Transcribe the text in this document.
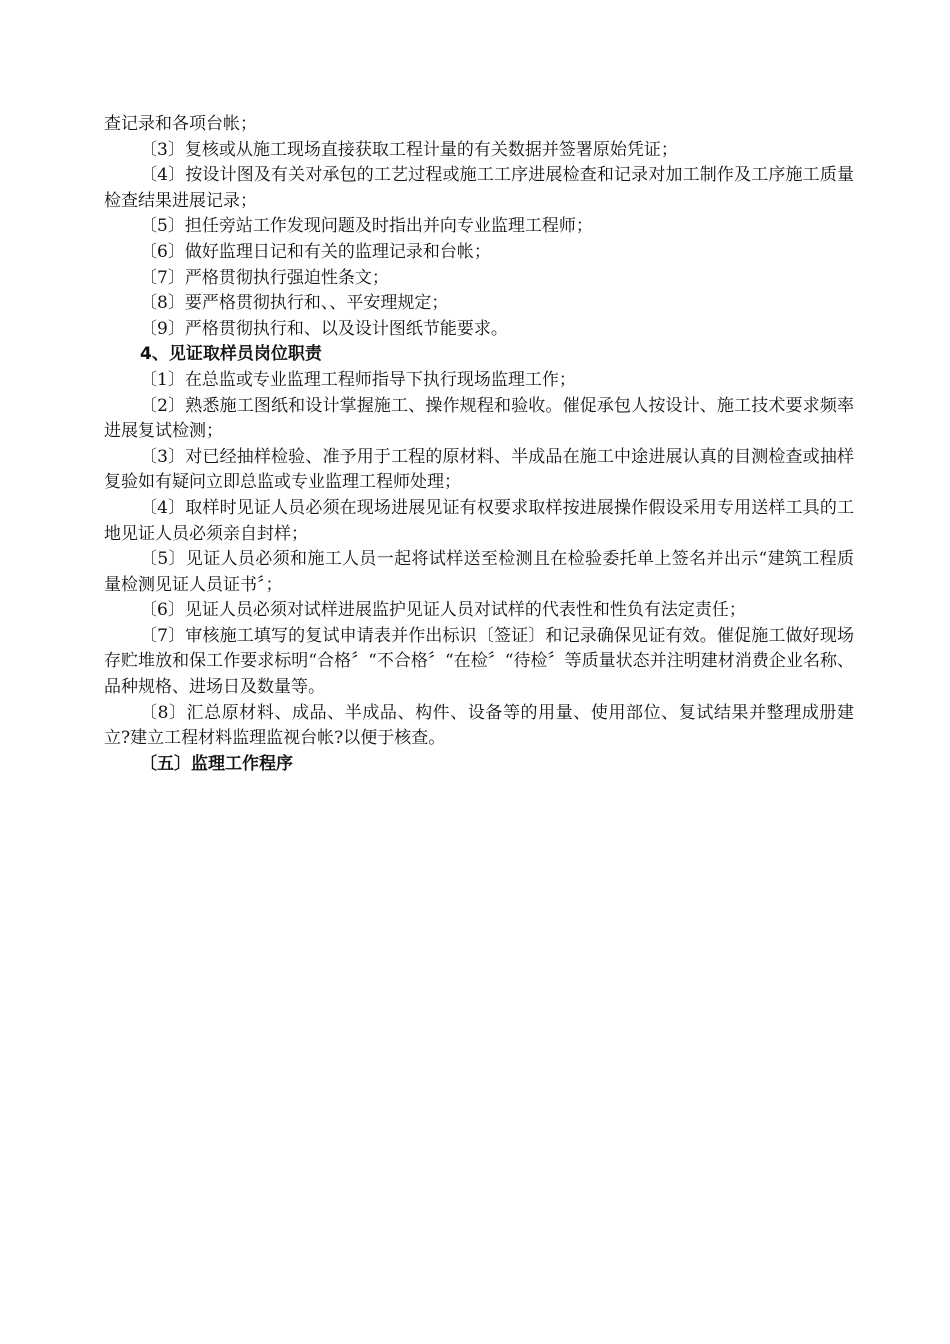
查记录和各项台帐；

〔3〕复核或从施工现场直接获取工程计量的有关数据并签署原始凭证；

〔4〕按设计图及有关对承包的工艺过程或施工工序进展检查和记录对加工制作及工序施工质量检查结果进展记录；

〔5〕担任旁站工作发现问题及时指出并向专业监理工程师；

〔6〕做好监理日记和有关的监理记录和台帐；

〔7〕严格贯彻执行强迫性条文；

〔8〕要严格贯彻执行和、、平安理规定；

〔9〕严格贯彻执行和、以及设计图纸节能要求。

4、见证取样员岗位职责

〔1〕在总监或专业监理工程师指导下执行现场监理工作；

〔2〕熟悉施工图纸和设计掌握施工、操作规程和验收。催促承包人按设计、施工技术要求频率进展复试检测；

〔3〕对已经抽样检验、准予用于工程的原材料、半成品在施工中途进展认真的目测检查或抽样复验如有疑问立即总监或专业监理工程师处理；

〔4〕取样时见证人员必须在现场进展见证有权要求取样按进展操作假设采用专用送样工具的工地见证人员必须亲自封样；

〔5〕见证人员必须和施工人员一起将试样送至检测且在检验委托单上签名并出示“建筑工程质量检测见证人员证书〞；

〔6〕见证人员必须对试样进展监护见证人员对试样的代表性和性负有法定责任；

〔7〕审核施工填写的复试申请表并作出标识〔签证〕和记录确保见证有效。催促施工做好现场存贮堆放和保工作要求标明“合格〞“不合格〞“在检〞“待检〞等质量状态并注明建材消费企业名称、品种规格、进场日及数量等。

〔8〕汇总原材料、成品、半成品、构件、设备等的用量、使用部位、复试结果并整理成册建立?建立工程材料监理监视台帐?以便于核查。

〔五〕监理工作程序
